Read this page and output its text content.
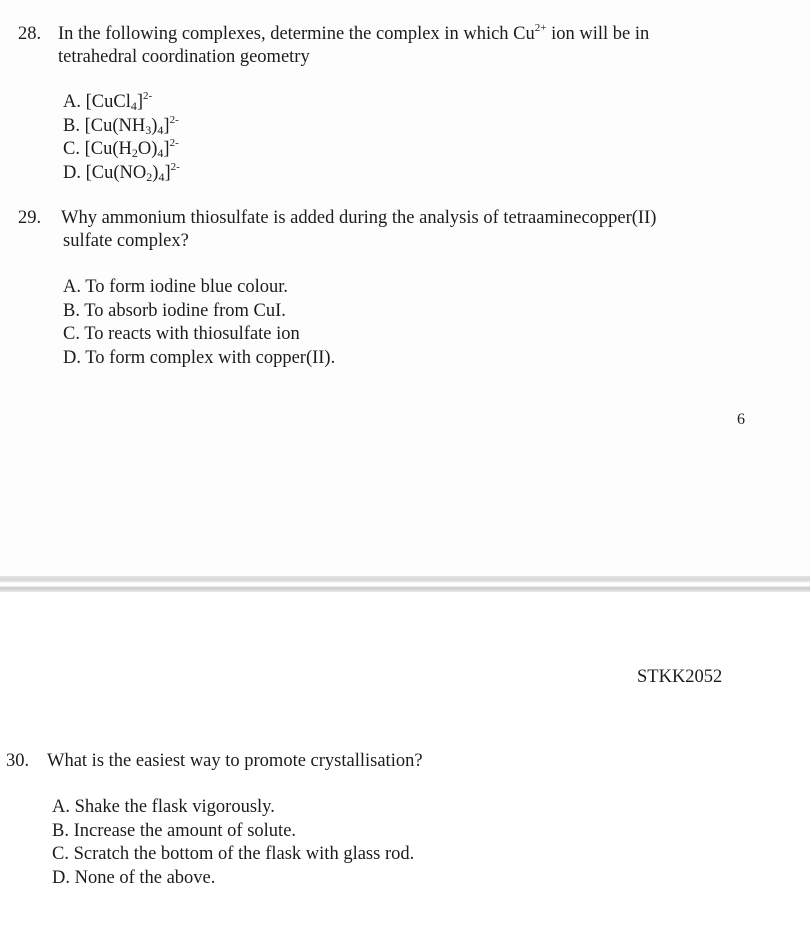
28. In the following complexes, determine the complex in which $Cu^{2+}$ ion will be in
tetrahedral coordination geometry
A. [CuCl$_4$]$^{2-}$
B. $[Cu(NH_3)_4]^{2-}$
C. $[Cu(H_2O)_4]^{2-}$
D. $[Cu(NO_2)_4]^{2-}$
29. Why ammonium thiosulfate is added during the analysis of tetraaminecopper(II)
sulfate complex?
A. To form iodine blue colour.
B. To absorb iodine from CuI.
C. To reacts with thiosulfate ion
D. To form complex with copper(II).
6
STKK2052
30. What is the easiest way to promote crystallisation?
A. Shake the flask vigorously.
B. Increase the amount of solute.
C. Scratch the bottom of the flask with glass rod.
D. None of the above.
